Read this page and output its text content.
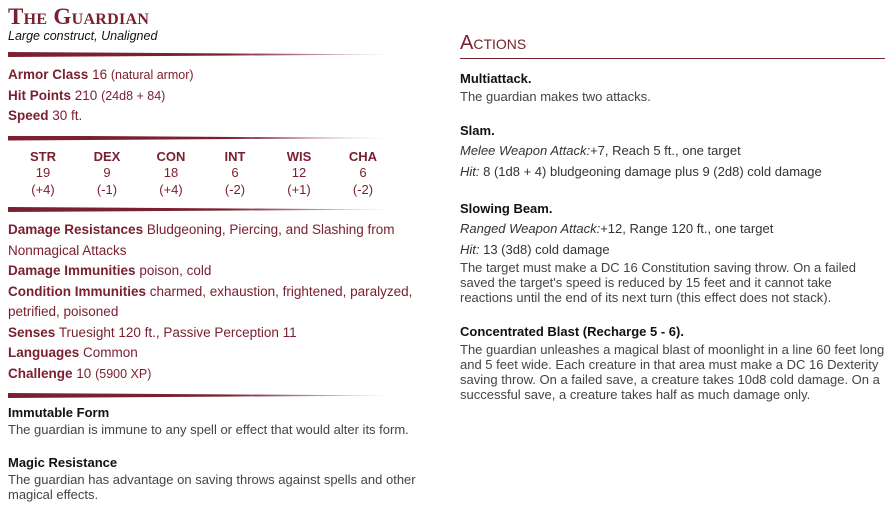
The Guardian
Large construct, Unaligned
Armor Class 16 (natural armor)
Hit Points 210 (24d8 + 84)
Speed 30 ft.
STR
19
(+4)
DEX
9
(-1)
CON
18
(+4)
INT
6
(-2)
WIS
12
(+1)
CHA
6
(-2)
Damage Resistances Bludgeoning, Piercing, and Slashing from Nonmagical Attacks
Damage Immunities poison, cold
Condition Immunities charmed, exhaustion, frightened, paralyzed, petrified, poisoned
Senses Truesight 120 ft., Passive Perception 11
Languages Common
Challenge 10 (5900 XP)
Immutable Form
The guardian is immune to any spell or effect that would alter its form.
Magic Resistance
The guardian has advantage on saving throws against spells and other magical effects.
Actions
Multiattack.
The guardian makes two attacks.
Slam.
Melee Weapon Attack:+7, Reach 5 ft., one target
Hit: 8 (1d8 + 4) bludgeoning damage plus 9 (2d8) cold damage
Slowing Beam.
Ranged Weapon Attack:+12, Range 120 ft., one target
Hit: 13 (3d8) cold damage
The target must make a DC 16 Constitution saving throw. On a failed saved the target's speed is reduced by 15 feet and it cannot take reactions until the end of its next turn (this effect does not stack).
Concentrated Blast (Recharge 5 - 6).
The guardian unleashes a magical blast of moonlight in a line 60 feet long and 5 feet wide. Each creature in that area must make a DC 16 Dexterity saving throw. On a failed save, a creature takes 10d8 cold damage. On a successful save, a creature takes half as much damage only.
